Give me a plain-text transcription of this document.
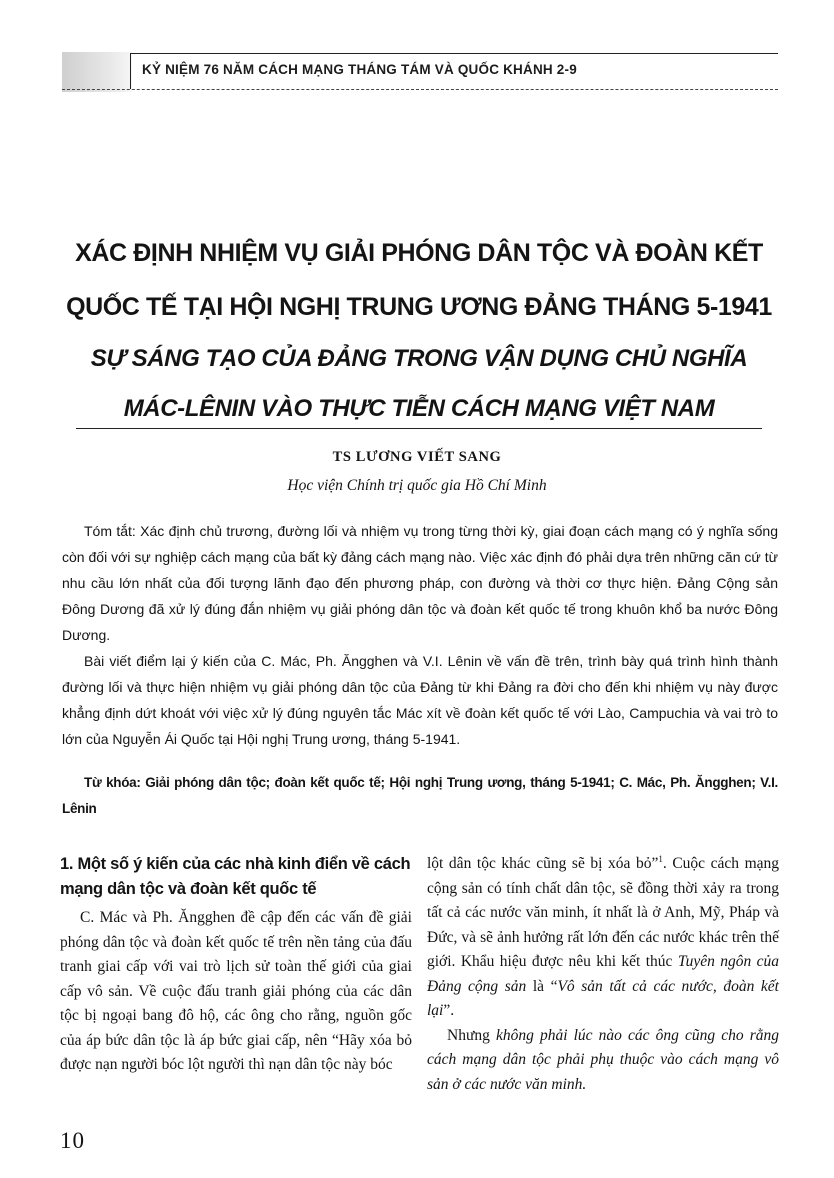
KỶ NIỆM 76 NĂM CÁCH MẠNG THÁNG TÁM VÀ QUỐC KHÁNH 2-9

XÁC ĐỊNH NHIỆM VỤ GIẢI PHÓNG DÂN TỘC VÀ ĐOÀN KẾT

QUỐC TẾ TẠI HỘI NGHỊ TRUNG ƯƠNG ĐẢNG THÁNG 5-1941

SỰ SÁNG TẠO CỦA ĐẢNG TRONG VẬN DỤNG CHỦ NGHĨA

MÁC-LÊNIN VÀO THỰC TIỄN CÁCH MẠNG VIỆT NAM

TS LƯƠNG VIẾT SANG

Học viện Chính trị quốc gia Hồ Chí Minh

Tóm tắt: Xác định chủ trương, đường lối và nhiệm vụ trong từng thời kỳ, giai đoạn cách mạng có ý nghĩa sống còn đối với sự nghiệp cách mạng của bất kỳ đảng cách mạng nào. Việc xác định đó phải dựa trên những căn cứ từ nhu cầu lớn nhất của đối tượng lãnh đạo đến phương pháp, con đường và thời cơ thực hiện. Đảng Cộng sản Đông Dương đã xử lý đúng đắn nhiệm vụ giải phóng dân tộc và đoàn kết quốc tế trong khuôn khổ ba nước Đông Dương.

Bài viết điểm lại ý kiến của C. Mác, Ph. Ăngghen và V.I. Lênin về vấn đề trên, trình bày quá trình hình thành đường lối và thực hiện nhiệm vụ giải phóng dân tộc của Đảng từ khi Đảng ra đời cho đến khi nhiệm vụ này được khẳng định dứt khoát với việc xử lý đúng nguyên tắc Mác xít về đoàn kết quốc tế với Lào, Campuchia và vai trò to lớn của Nguyễn Ái Quốc tại Hội nghị Trung ương, tháng 5-1941.

Từ khóa: Giải phóng dân tộc; đoàn kết quốc tế; Hội nghị Trung ương, tháng 5-1941; C. Mác, Ph. Ăngghen; V.I. Lênin

1. Một số ý kiến của các nhà kinh điển về cách mạng dân tộc và đoàn kết quốc tế

C. Mác và Ph. Ăngghen đề cập đến các vấn đề giải phóng dân tộc và đoàn kết quốc tế trên nền tảng của đấu tranh giai cấp với vai trò lịch sử toàn thế giới của giai cấp vô sản. Về cuộc đấu tranh giải phóng của các dân tộc bị ngoại bang đô hộ, các ông cho rằng, nguồn gốc của áp bức dân tộc là áp bức giai cấp, nên “Hãy xóa bỏ được nạn người bóc lột người thì nạn dân tộc này bóc

lột dân tộc khác cũng sẽ bị xóa bỏ”$^1$. Cuộc cách mạng cộng sản có tính chất dân tộc, sẽ đồng thời xảy ra trong tất cả các nước văn minh, ít nhất là ở Anh, Mỹ, Pháp và Đức, và sẽ ảnh hưởng rất lớn đến các nước khác trên thế giới. Khẩu hiệu được nêu khi kết thúc Tuyên ngôn của Đảng cộng sản là “Vô sản tất cả các nước, đoàn kết lại”.

Nhưng không phải lúc nào các ông cũng cho rằng cách mạng dân tộc phải phụ thuộc vào cách mạng vô sản ở các nước văn minh.

10
